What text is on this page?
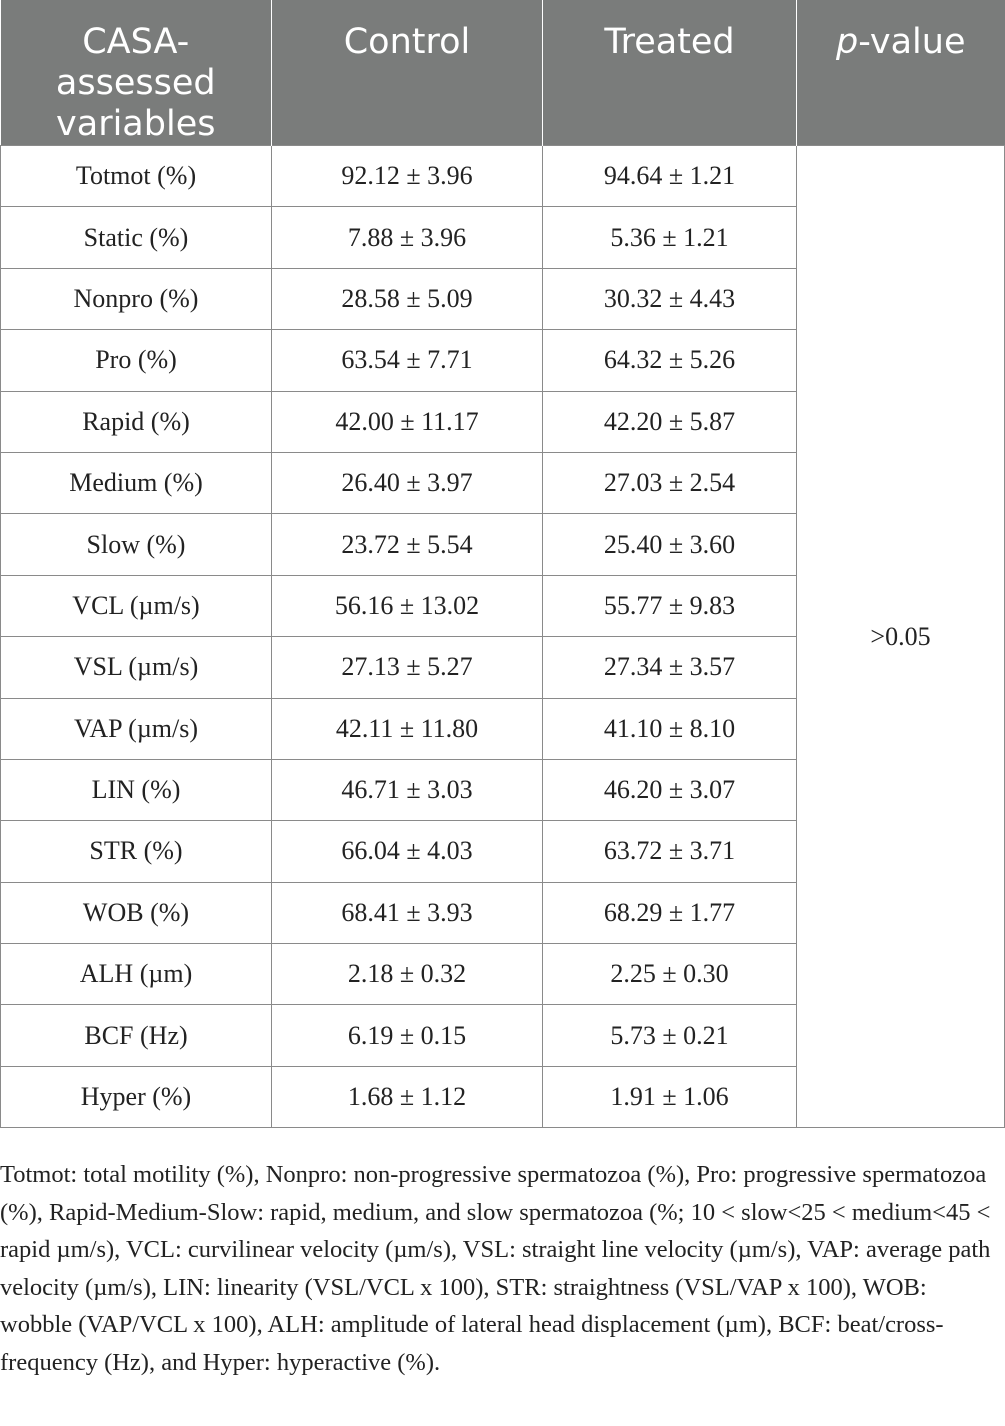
CASA-assessed variables	Control	Treated	p-value
Totmot (%)	92.12 ± 3.96	94.64 ± 1.21	>0.05
Static (%)	7.88 ± 3.96	5.36 ± 1.21	
Nonpro (%)	28.58 ± 5.09	30.32 ± 4.43	
Pro (%)	63.54 ± 7.71	64.32 ± 5.26	
Rapid (%)	42.00 ± 11.17	42.20 ± 5.87	
Medium (%)	26.40 ± 3.97	27.03 ± 2.54	
Slow (%)	23.72 ± 5.54	25.40 ± 3.60	
VCL (µm/s)	56.16 ± 13.02	55.77 ± 9.83	
VSL (µm/s)	27.13 ± 5.27	27.34 ± 3.57	
VAP (µm/s)	42.11 ± 11.80	41.10 ± 8.10	
LIN (%)	46.71 ± 3.03	46.20 ± 3.07	
STR (%)	66.04 ± 4.03	63.72 ± 3.71	
WOB (%)	68.41 ± 3.93	68.29 ± 1.77	
ALH (µm)	2.18 ± 0.32	2.25 ± 0.30	
BCF (Hz)	6.19 ± 0.15	5.73 ± 0.21	
Hyper (%)	1.68 ± 1.12	1.91 ± 1.06	
Totmot: total motility (%), Nonpro: non-progressive spermatozoa (%), Pro: progressive spermatozoa (%), Rapid-Medium-Slow: rapid, medium, and slow spermatozoa (%; 10 < slow<25 < medium<45 < rapid µm/s), VCL: curvilinear velocity (µm/s), VSL: straight line velocity (µm/s), VAP: average path velocity (µm/s), LIN: linearity (VSL/VCL x 100), STR: straightness (VSL/VAP x 100), WOB: wobble (VAP/VCL x 100), ALH: amplitude of lateral head displacement (µm), BCF: beat/cross-frequency (Hz), and Hyper: hyperactive (%).
